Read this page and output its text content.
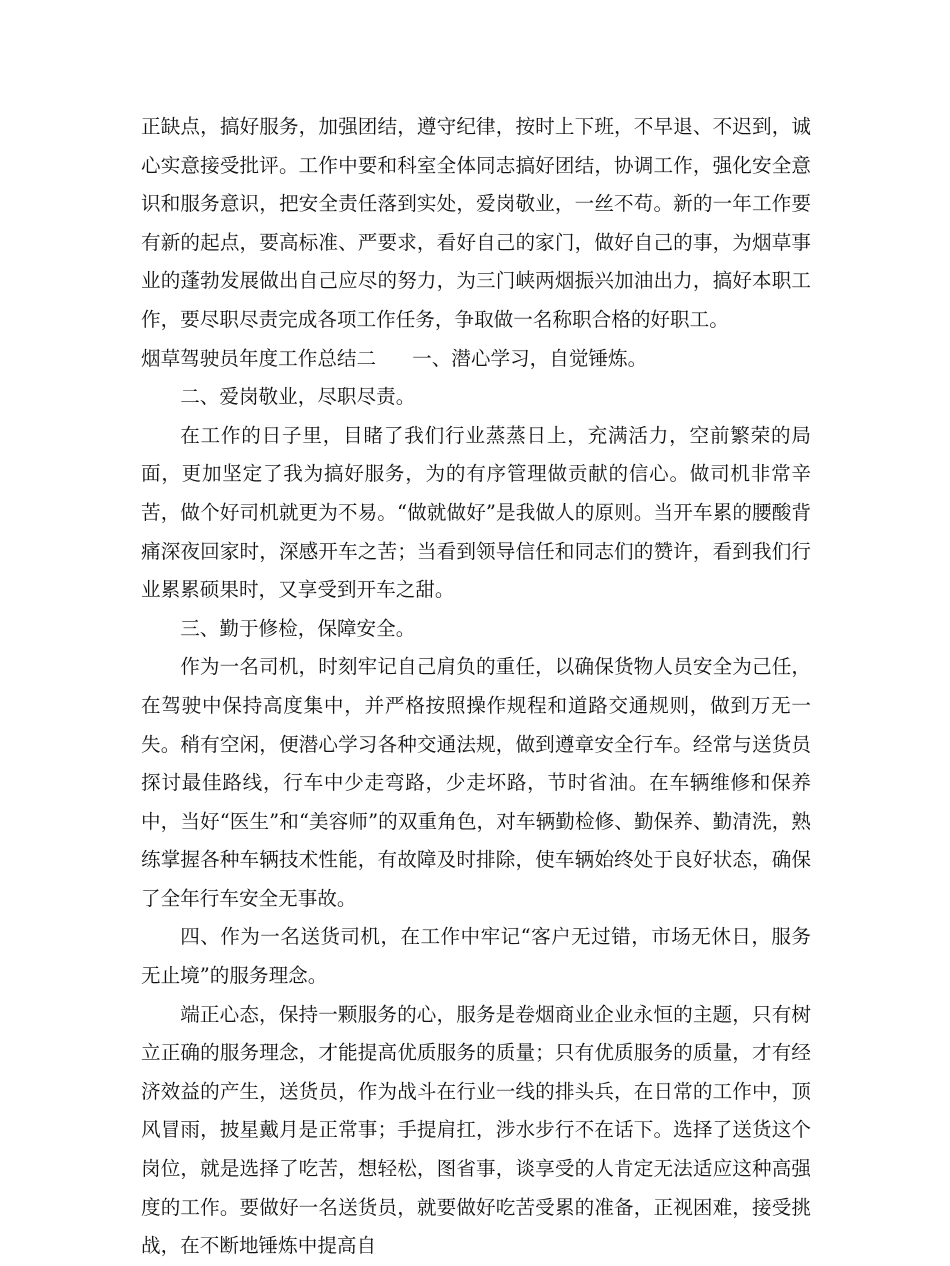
正缺点，搞好服务，加强团结，遵守纪律，按时上下班，不早退、不迟到，诚心实意接受批评。工作中要和科室全体同志搞好团结，协调工作，强化安全意识和服务意识，把安全责任落到实处，爱岗敬业，一丝不苟。新的一年工作要有新的起点，要高标准、严要求，看好自己的家门，做好自己的事，为烟草事业的蓬勃发展做出自己应尽的努力，为三门峡两烟振兴加油出力，搞好本职工作，要尽职尽责完成各项工作任务，争取做一名称职合格的好职工。

烟草驾驶员年度工作总结二 一、潜心学习，自觉锤炼。

二、爱岗敬业，尽职尽责。

在工作的日子里，目睹了我们行业蒸蒸日上，充满活力，空前繁荣的局面，更加坚定了我为搞好服务，为的有序管理做贡献的信心。做司机非常辛苦，做个好司机就更为不易。“做就做好”是我做人的原则。当开车累的腰酸背痛深夜回家时，深感开车之苦；当看到领导信任和同志们的赞许，看到我们行业累累硕果时，又享受到开车之甜。

三、勤于修检，保障安全。

作为一名司机，时刻牢记自己肩负的重任，以确保货物人员安全为己任，在驾驶中保持高度集中，并严格按照操作规程和道路交通规则，做到万无一失。稍有空闲，便潜心学习各种交通法规，做到遵章安全行车。经常与送货员探讨最佳路线，行车中少走弯路，少走坏路，节时省油。在车辆维修和保养中，当好“医生”和“美容师”的双重角色，对车辆勤检修、勤保养、勤清洗，熟练掌握各种车辆技术性能，有故障及时排除，使车辆始终处于良好状态，确保了全年行车安全无事故。

四、作为一名送货司机，在工作中牢记“客户无过错，市场无休日，服务无止境”的服务理念。

端正心态，保持一颗服务的心，服务是卷烟商业企业永恒的主题，只有树立正确的服务理念，才能提高优质服务的质量；只有优质服务的质量，才有经济效益的产生，送货员，作为战斗在行业一线的排头兵，在日常的工作中，顶风冒雨，披星戴月是正常事；手提肩扛，涉水步行不在话下。选择了送货这个岗位，就是选择了吃苦，想轻松，图省事，谈享受的人肯定无法适应这种高强度的工作。要做好一名送货员，就要做好吃苦受累的准备，正视困难，接受挑战，在不断地锤炼中提高自
